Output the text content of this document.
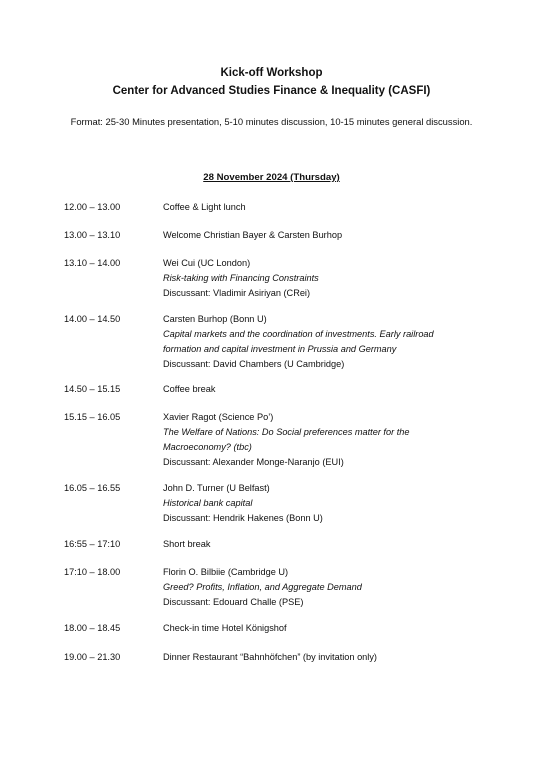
Kick-off Workshop
Center for Advanced Studies Finance & Inequality (CASFI)
Format: 25-30 Minutes presentation, 5-10 minutes discussion, 10-15 minutes general discussion.
28 November 2024 (Thursday)
12.00 – 13.00	Coffee & Light lunch
13.00 – 13.10	Welcome Christian Bayer & Carsten Burhop
13.10 – 14.00	Wei Cui (UC London)
Risk-taking with Financing Constraints
Discussant: Vladimir Asiriyan (CRei)
14.00 – 14.50	Carsten Burhop (Bonn U)
Capital markets and the coordination of investments. Early railroad
formation and capital investment in Prussia and Germany
Discussant: David Chambers (U Cambridge)
14.50 – 15.15	Coffee break
15.15 – 16.05	Xavier Ragot (Science Po’)
The Welfare of Nations: Do Social preferences matter for the
Macroeconomy? (tbc)
Discussant: Alexander Monge-Naranjo (EUI)
16.05 – 16.55	John D. Turner (U Belfast)
Historical bank capital
Discussant: Hendrik Hakenes (Bonn U)
16:55 – 17:10	Short break
17:10 – 18.00	Florin O. Bilbiie (Cambridge U)
Greed? Profits, Inflation, and Aggregate Demand
Discussant: Edouard Challe (PSE)
18.00 – 18.45	Check-in time Hotel Königshof
19.00 – 21.30	Dinner Restaurant “Bahnhöfchen” (by invitation only)
